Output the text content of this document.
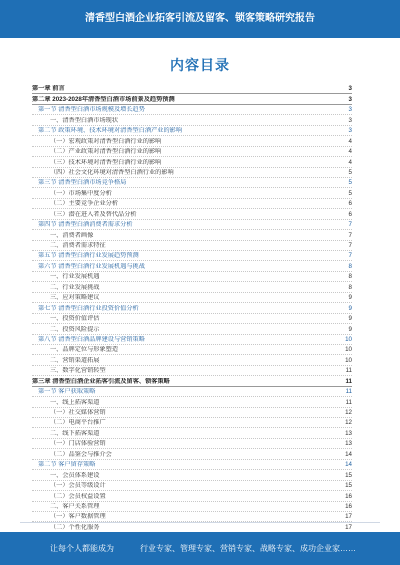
清香型白酒企业拓客引流及留客、锁客策略研究报告
内容目录
第一章 前言	3
第二章 2023-2028年清香型白酒市场前景及趋势预测	3
第一节 清香型白酒市场规模及增长趋势	3
一、清香型白酒市场现状	3
第二节 政策环境、技术环境对清香型白酒产业的影响	3
（一）宏观政策对清香型白酒行业的影响	4
（二）产业政策对清香型白酒行业的影响	4
（三）技术环境对清香型白酒行业的影响	4
（四）社会文化环境对清香型白酒行业的影响	5
第三节 清香型白酒市场竞争格局	5
（一）市场集中度分析	5
（二）主要竞争企业分析	6
（三）潜在进入者及替代品分析	6
第四节 清香型白酒消费者需求分析	7
一、消费者画像	7
二、消费者需求特征	7
第五节 清香型白酒行业发展趋势预测	7
第六节 清香型白酒行业发展机遇与挑战	8
一、行业发展机遇	8
二、行业发展挑战	8
三、应对策略建议	9
第七节 清香型白酒行业投资价值分析	9
一、投资价值评估	9
二、投资风险提示	9
第八节 清香型白酒品牌建设与营销策略	10
一、品牌定位与形象塑造	10
二、营销渠道拓展	10
三、数字化营销转型	11
第三章 清香型白酒企业拓客引流及留客、锁客策略	11
第一节 客户获取策略	11
一、线上拓客渠道	11
（一）社交媒体营销	12
（二）电商平台推广	12
二、线下拓客渠道	13
（一）门店体验营销	13
（二）品鉴会与推介会	14
第二节 客户留存策略	14
一、会员体系建设	15
（一）会员等级设计	15
（二）会员权益设置	16
二、客户关系管理	16
（一）客户数据管理	17
（二）个性化服务	17
让每个人都能成为	行业专家、管理专家、营销专家、战略专家、成功企业家……
